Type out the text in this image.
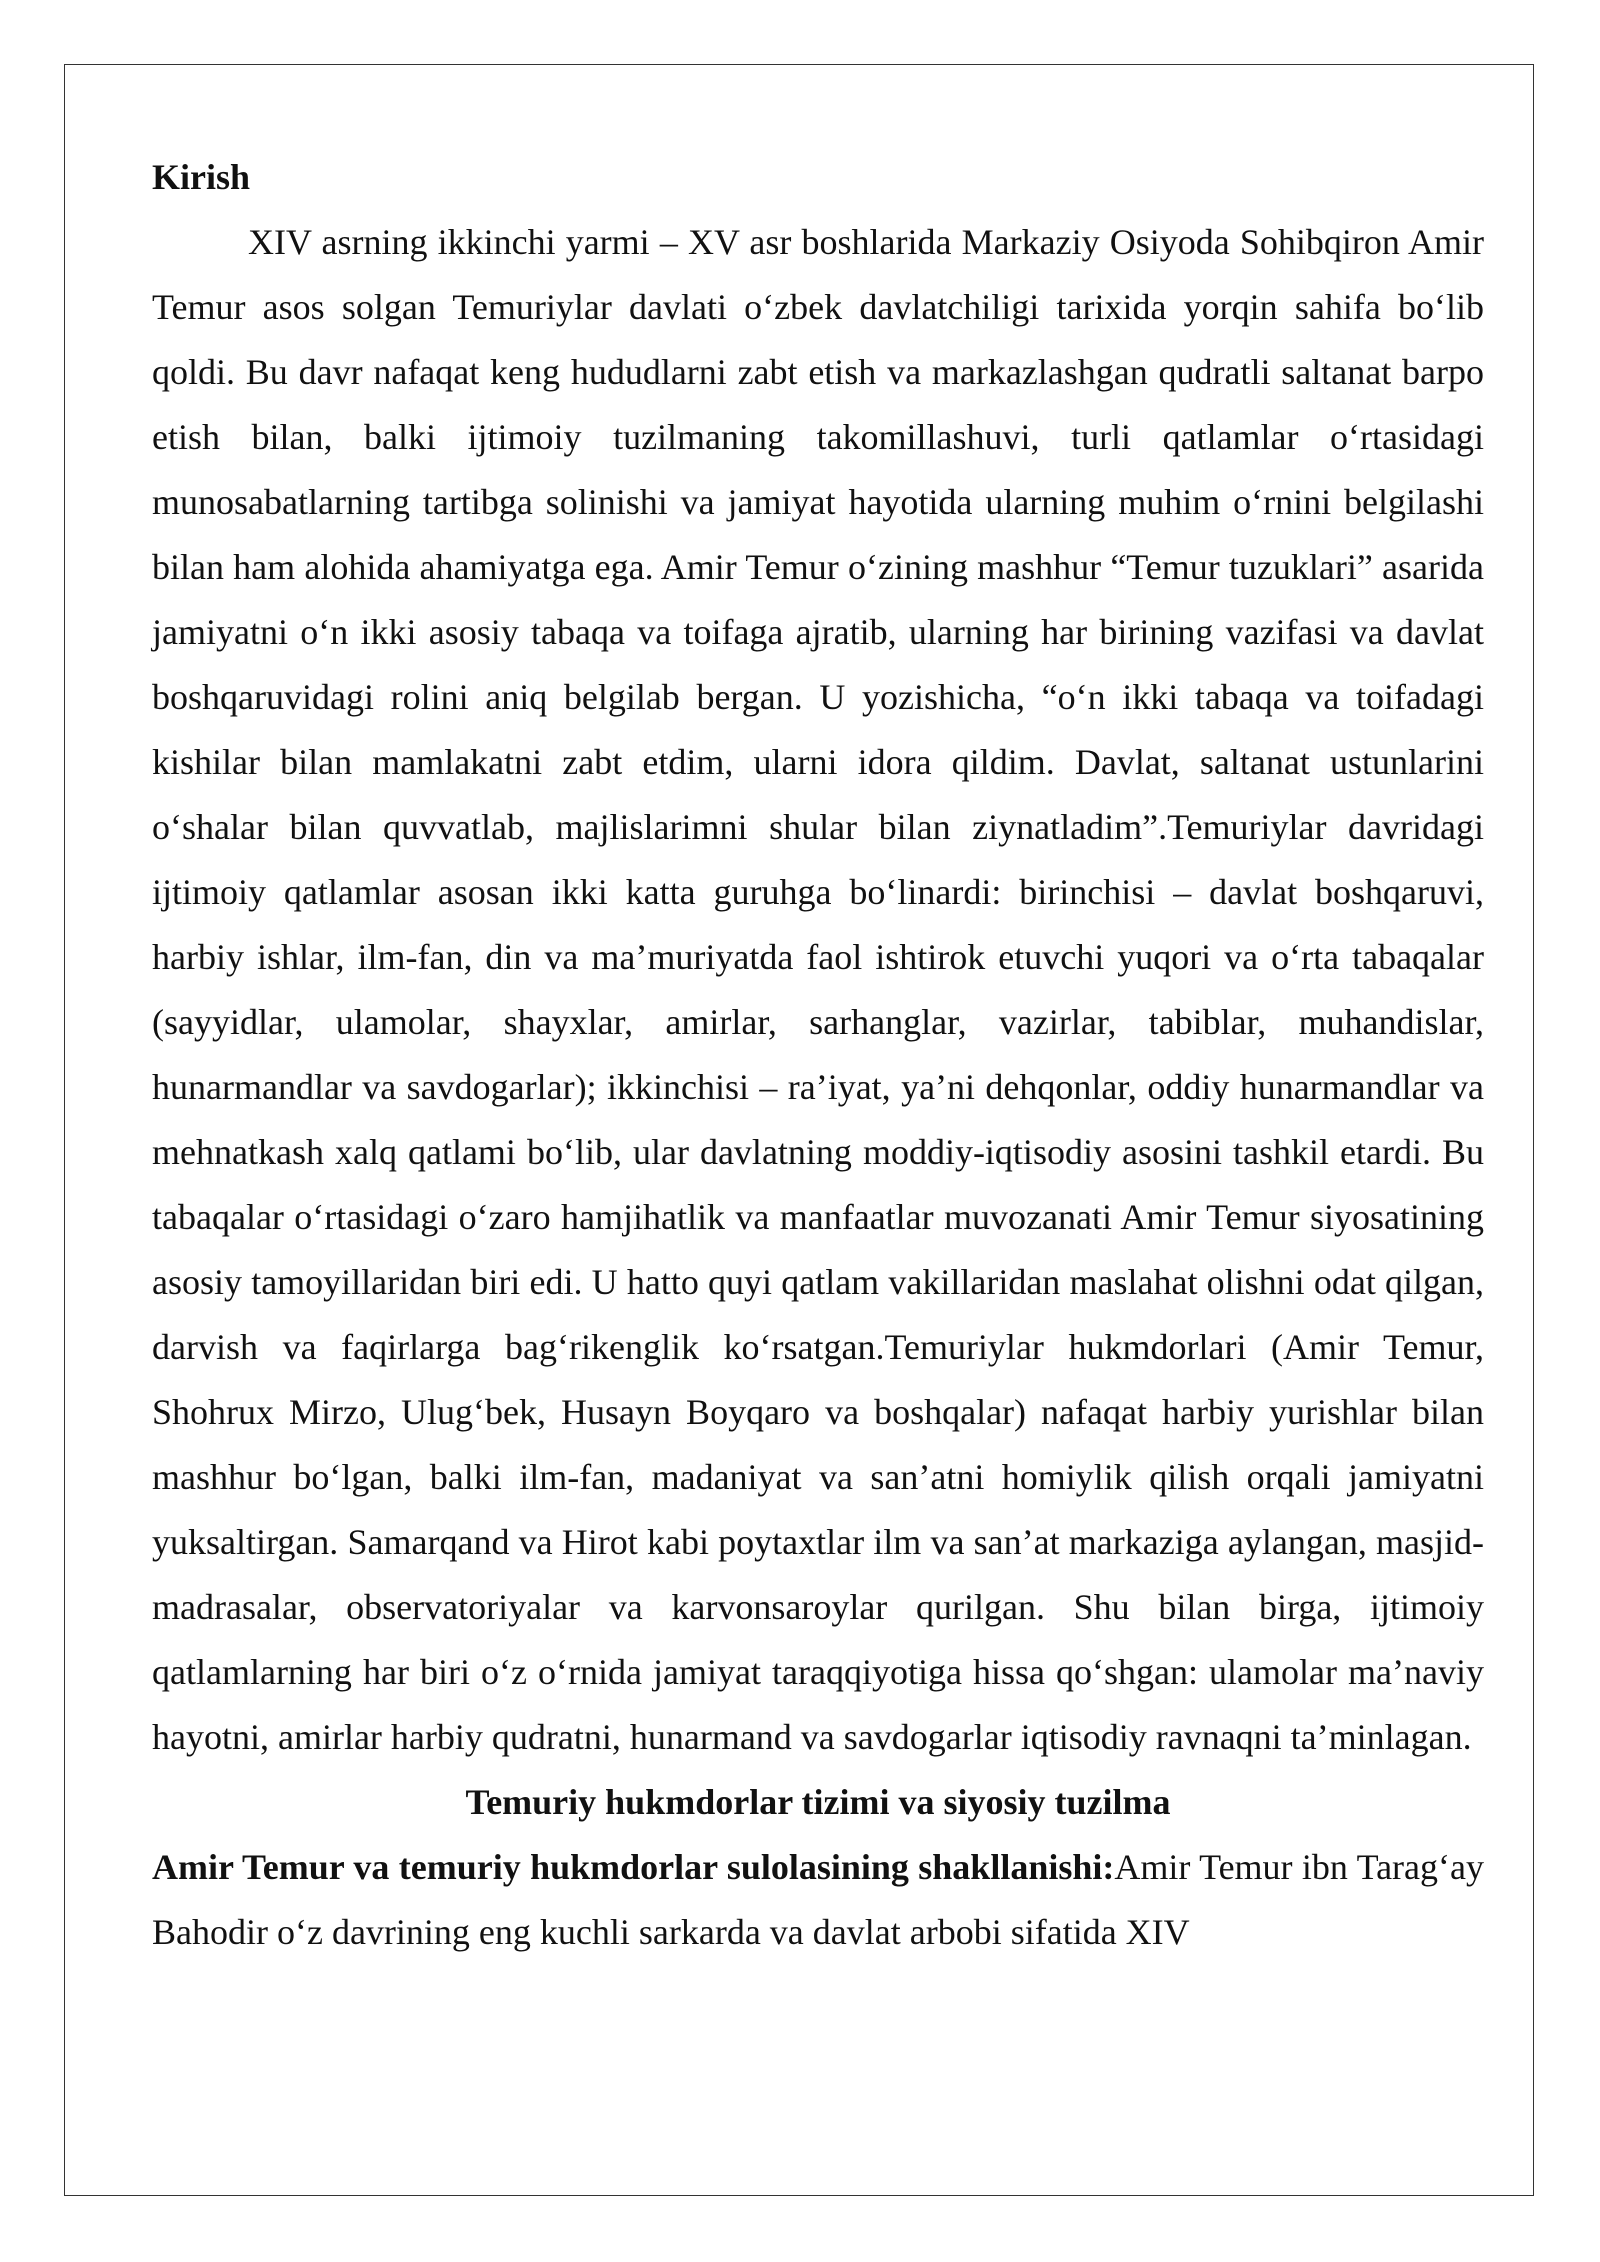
Kirish

XIV asrning ikkinchi yarmi – XV asr boshlarida Markaziy Osiyoda Sohibqiron Amir Temur asos solgan Temuriylar davlati o‘zbek davlatchiligi tarixida yorqin sahifa bo‘lib qoldi. Bu davr nafaqat keng hududlarni zabt etish va markazlashgan qudratli saltanat barpo etish bilan, balki ijtimoiy tuzilmaning takomillashuvi, turli qatlamlar o‘rtasidagi munosabatlarning tartibga solinishi va jamiyat hayotida ularning muhim o‘rnini belgilashi bilan ham alohida ahamiyatga ega. Amir Temur o‘zining mashhur “Temur tuzuklari” asarida jamiyatni o‘n ikki asosiy tabaqa va toifaga ajratib, ularning har birining vazifasi va davlat boshqaruvidagi rolini aniq belgilab bergan. U yozishicha, “o‘n ikki tabaqa va toifadagi kishilar bilan mamlakatni zabt etdim, ularni idora qildim. Davlat, saltanat ustunlarini o‘shalar bilan quvvatlab, majlislarimni shular bilan ziynatladim”.Temuriylar davridagi ijtimoiy qatlamlar asosan ikki katta guruhga bo‘linardi: birinchisi – davlat boshqaruvi, harbiy ishlar, ilm-fan, din va ma’muriyatda faol ishtirok etuvchi yuqori va o‘rta tabaqalar (sayyidlar, ulamolar, shayxlar, amirlar, sarhanglar, vazirlar, tabiblar, muhandislar, hunarmandlar va savdogarlar); ikkinchisi – ra’iyat, ya’ni dehqonlar, oddiy hunarmandlar va mehnatkash xalq qatlami bo‘lib, ular davlatning moddiy-iqtisodiy asosini tashkil etardi. Bu tabaqalar o‘rtasidagi o‘zaro hamjihatlik va manfaatlar muvozanati Amir Temur siyosatining asosiy tamoyillaridan biri edi. U hatto quyi qatlam vakillaridan maslahat olishni odat qilgan, darvish va faqirlarga bag‘rikenglik ko‘rsatgan.Temuriylar hukmdorlari (Amir Temur, Shohrux Mirzo, Ulug‘bek, Husayn Boyqaro va boshqalar) nafaqat harbiy yurishlar bilan mashhur bo‘lgan, balki ilm-fan, madaniyat va san’atni homiylik qilish orqali jamiyatni yuksaltirgan. Samarqand va Hirot kabi poytaxtlar ilm va san’at markaziga aylangan, masjid-madrasalar, observatoriyalar va karvonsaroylar qurilgan. Shu bilan birga, ijtimoiy qatlamlarning har biri o‘z o‘rnida jamiyat taraqqiyotiga hissa qo‘shgan: ulamolar ma’naviy hayotni, amirlar harbiy qudratni, hunarmand va savdogarlar iqtisodiy ravnaqni ta’minlagan.

Temuriy hukmdorlar tizimi va siyosiy tuzilma

Amir Temur va temuriy hukmdorlar sulolasining shakllanishi:Amir Temur ibn Tarag‘ay Bahodir o‘z davrining eng kuchli sarkarda va davlat arbobi sifatida XIV
